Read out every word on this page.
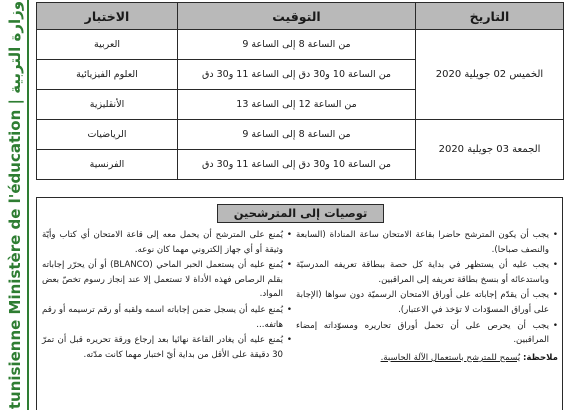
tunisienne Ministère de l'éducation | وزارة التربية	التاريخ	التوقيت	الاختبار
الخميس 02 جويلية 2020	من الساعة 8 إلى الساعة 9	العربية
	من الساعة 10 و30 دق إلى الساعة 11 و30 دق	العلوم الفيزيائية
	من الساعة 12 إلى الساعة 13	الأنقليزية
الجمعة 03 جويلية 2020	من الساعة 8 إلى الساعة 9	الرياضيات
	من الساعة 10 و30 دق إلى الساعة 11 و30 دق	الفرنسية
توصيات إلى المترشحين
• يجب أن يكون المترشح حاضرا بقاعة الامتحان ساعة المناداة (السابعة والنصف صباحا).
• يجب عليه أن يستظهر في بداية كل حصة ببطاقة تعريفه المدرسيّة وباستدعائه أو بنسخ بطاقة تعريفه إلى المراقبين.
• يجب أن يقدّم إجاباته على أوراق الامتحان الرسميّة دون سواها (الإجابة على أوراق المسوّدات لا تؤخذ في الاعتبار).
• يجب أن يحرص على أن تحمل أوراق تحاريره ومسوّداته إمضاء المراقبين.
ملاحظة: يُسمح للمترشح باستعمال الآلة الحاسبة.
• يُمنع على المترشح أن يحمل معه إلى قاعة الامتحان أي كتاب وأيّة وثيقة أو أي جهاز إلكتروني مهما كان نوعه.
• يُمنع عليه أن يستعمل الحبر الماحي (BLANCO) أو أن يحرّر إجاباته بقلم الرصاص فهذه الأداة لا تستعمل إلا عند إنجاز رسوم تخصّ بعض المواد.
• يُمنع عليه أن يسجل ضمن إجاباته اسمه ولقبه أو رقم ترسيمه أو رقم هاتفه...
• يُمنع عليه أن يغادر القاعة نهائيا بعد إرجاع ورقة تحريره قبل أن تمرّ 30 دقيقة على الأقل من بداية أيّ اختبار مهما كانت مدّته.
